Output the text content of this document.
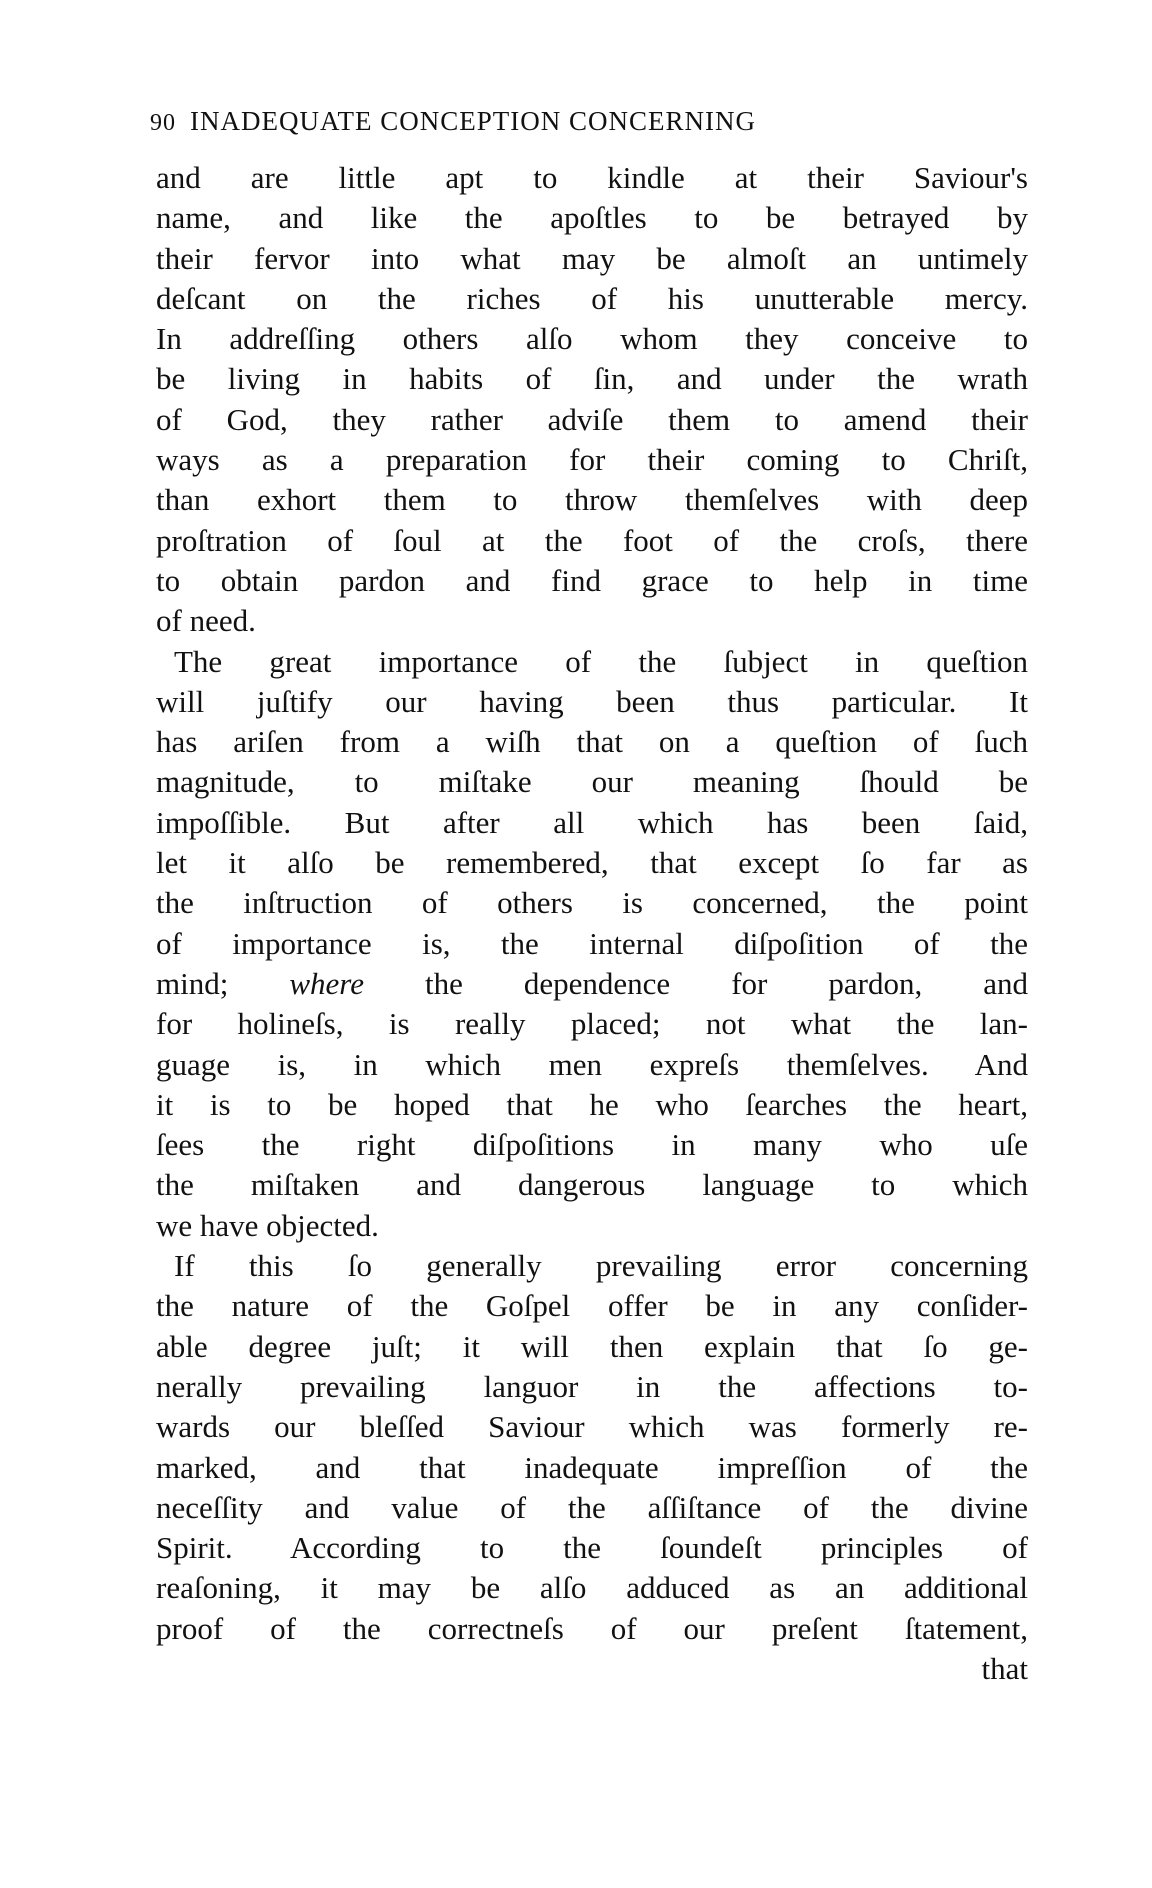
90 INADEQUATE CONCEPTION CONCERNING
and are little apt to kindle at their Saviour's
name, and like the apoſtles to be betrayed by
their fervor into what may be almoſt an untimely
deſcant on the riches of his unutterable mercy.
In addreſſing others alſo whom they conceive to
be living in habits of ſin, and under the wrath
of God, they rather adviſe them to amend their
ways as a preparation for their coming to Chriſt,
than exhort them to throw themſelves with deep
proſtration of ſoul at the foot of the croſs, there
to obtain pardon and find grace to help in time
of need.
The great importance of the ſubject in queſtion
will juſtify our having been thus particular. It
has ariſen from a wiſh that on a queſtion of ſuch
magnitude, to miſtake our meaning ſhould be
impoſſible. But after all which has been ſaid,
let it alſo be remembered, that except ſo far as
the inſtruction of others is concerned, the point
of importance is, the internal diſpoſition of the
mind; where the dependence for pardon, and
for holineſs, is really placed; not what the lan-
guage is, in which men expreſs themſelves. And
it is to be hoped that he who ſearches the heart,
ſees the right diſpoſitions in many who uſe
the miſtaken and dangerous language to which
we have objected.
If this ſo generally prevailing error concerning
the nature of the Goſpel offer be in any conſider-
able degree juſt; it will then explain that ſo ge-
nerally prevailing languor in the affections to-
wards our bleſſed Saviour which was formerly re-
marked, and that inadequate impreſſion of the
neceſſity and value of the aſſiſtance of the divine
Spirit. According to the ſoundeſt principles of
reaſoning, it may be alſo adduced as an additional
proof of the correctneſs of our preſent ſtatement,
that
